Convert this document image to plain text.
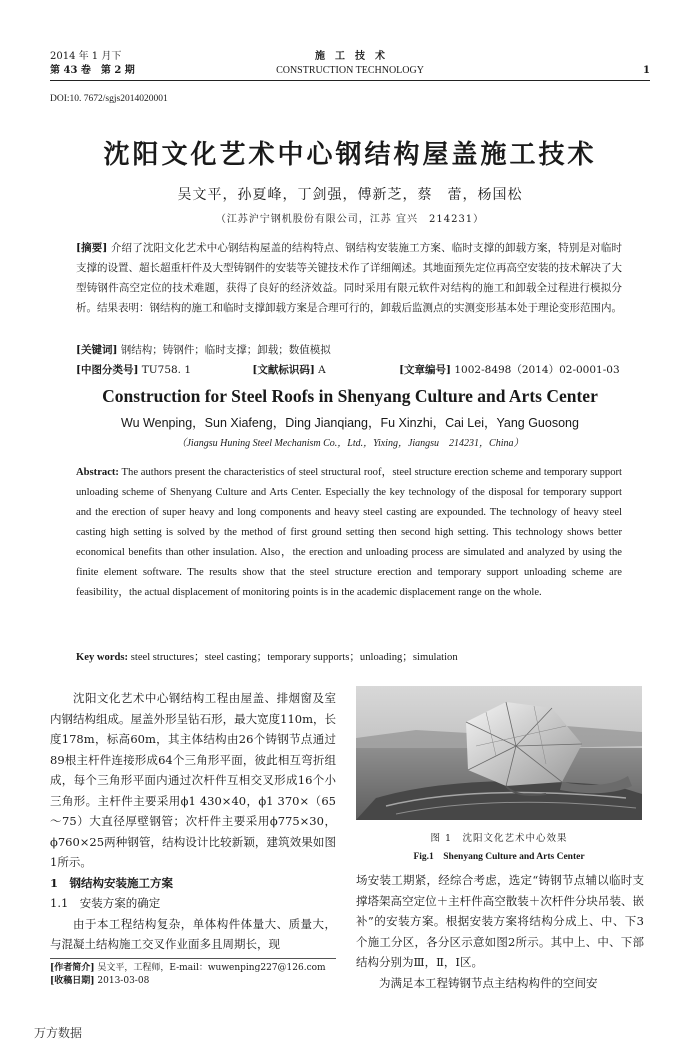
2014 年 1 月下
第 43 卷　第 2 期
施　工　技　术
CONSTRUCTION TECHNOLOGY	1
DOI:10. 7672/sgjs2014020001
沈阳文化艺术中心钢结构屋盖施工技术
吴文平，孙夏峰，丁剑强，傅新芝，蔡　蕾，杨国松
（江苏沪宁钢机股份有限公司，江苏 宜兴　214231）
[摘要] 介绍了沈阳文化艺术中心钢结构屋盖的结构特点、钢结构安装施工方案、临时支撑的卸载方案，特别是对临时支撑的设置、超长超重杆件及大型铸钢件的安装等关键技术作了详细阐述。其地面预先定位再高空安装的技术解决了大型铸钢件高空定位的技术难题，获得了良好的经济效益。同时采用有限元软件对结构的施工和卸载全过程进行模拟分析。结果表明：钢结构的施工和临时支撑卸载方案是合理可行的，卸载后监测点的实测变形基本处于理论变形范围内。
[关键词] 钢结构；铸钢件；临时支撑；卸载；数值模拟
[中图分类号] TU758. 1	[文献标识码] A	[文章编号] 1002-8498（2014）02-0001-03
Construction for Steel Roofs in Shenyang Culture and Arts Center
Wu Wenping，Sun Xiafeng，Ding Jianqiang，Fu Xinzhi，Cai Lei，Yang Guosong
（Jiangsu Huning Steel Mechanism Co.，Ltd.，Yixing，Jiangsu　214231，China）
Abstract: The authors present the characteristics of steel structural roof，steel structure erection scheme and temporary support unloading scheme of Shenyang Culture and Arts Center. Especially the key technology of the disposal for temporary support and the erection of super heavy and long components and heavy steel casting are expounded. The technology of heavy steel casting high setting is solved by the method of first ground setting then second high setting. This technology shows better economical benefits than other insulation. Also，the erection and unloading process are simulated and analyzed by using the finite element software. The results show that the steel structure erection and temporary support unloading scheme are feasibility，the actual displacement of monitoring points is in the academic displacement range on the whole.
Key words: steel structures；steel casting；temporary supports；unloading；simulation
沈阳文化艺术中心钢结构工程由屋盖、排烟窗及室内钢结构组成。屋盖外形呈钻石形，最大宽度110m，长度178m，标高60m，其主体结构由26个铸钢节点通过89根主杆件连接形成64个三角形平面，彼此相互弯折组成，每个三角形平面内通过次杆件互相交叉形成16个小三角形。主杆件主要采用ϕ1 430×40，ϕ1 370×（65～75）大直径厚壁钢管；次杆件主要采用ϕ775×30，ϕ760×25两种钢管，结构设计比较新颖，建筑效果如图1所示。
1　钢结构安装施工方案
1.1　安装方案的确定
由于本工程结构复杂，单体构件体量大、质量大，与混凝土结构施工交叉作业面多且周期长，现
[作者简介] 吴文平，工程师，E-mail：wuwenping227@126.com
[收稿日期] 2013-03-08
图 1　沈阳文化艺术中心效果
Fig.1　Shenyang Culture and Arts Center
场安装工期紧，经综合考虑，选定“铸钢节点辅以临时支撑塔架高空定位＋主杆件高空散装＋次杆件分块吊装、嵌补”的安装方案。根据安装方案将结构分成上、中、下3个施工分区，各分区示意如图2所示。其中上、中、下部结构分别为Ⅲ，Ⅱ，Ⅰ区。
为满足本工程铸钢节点主结构构件的空间安
万方数据
